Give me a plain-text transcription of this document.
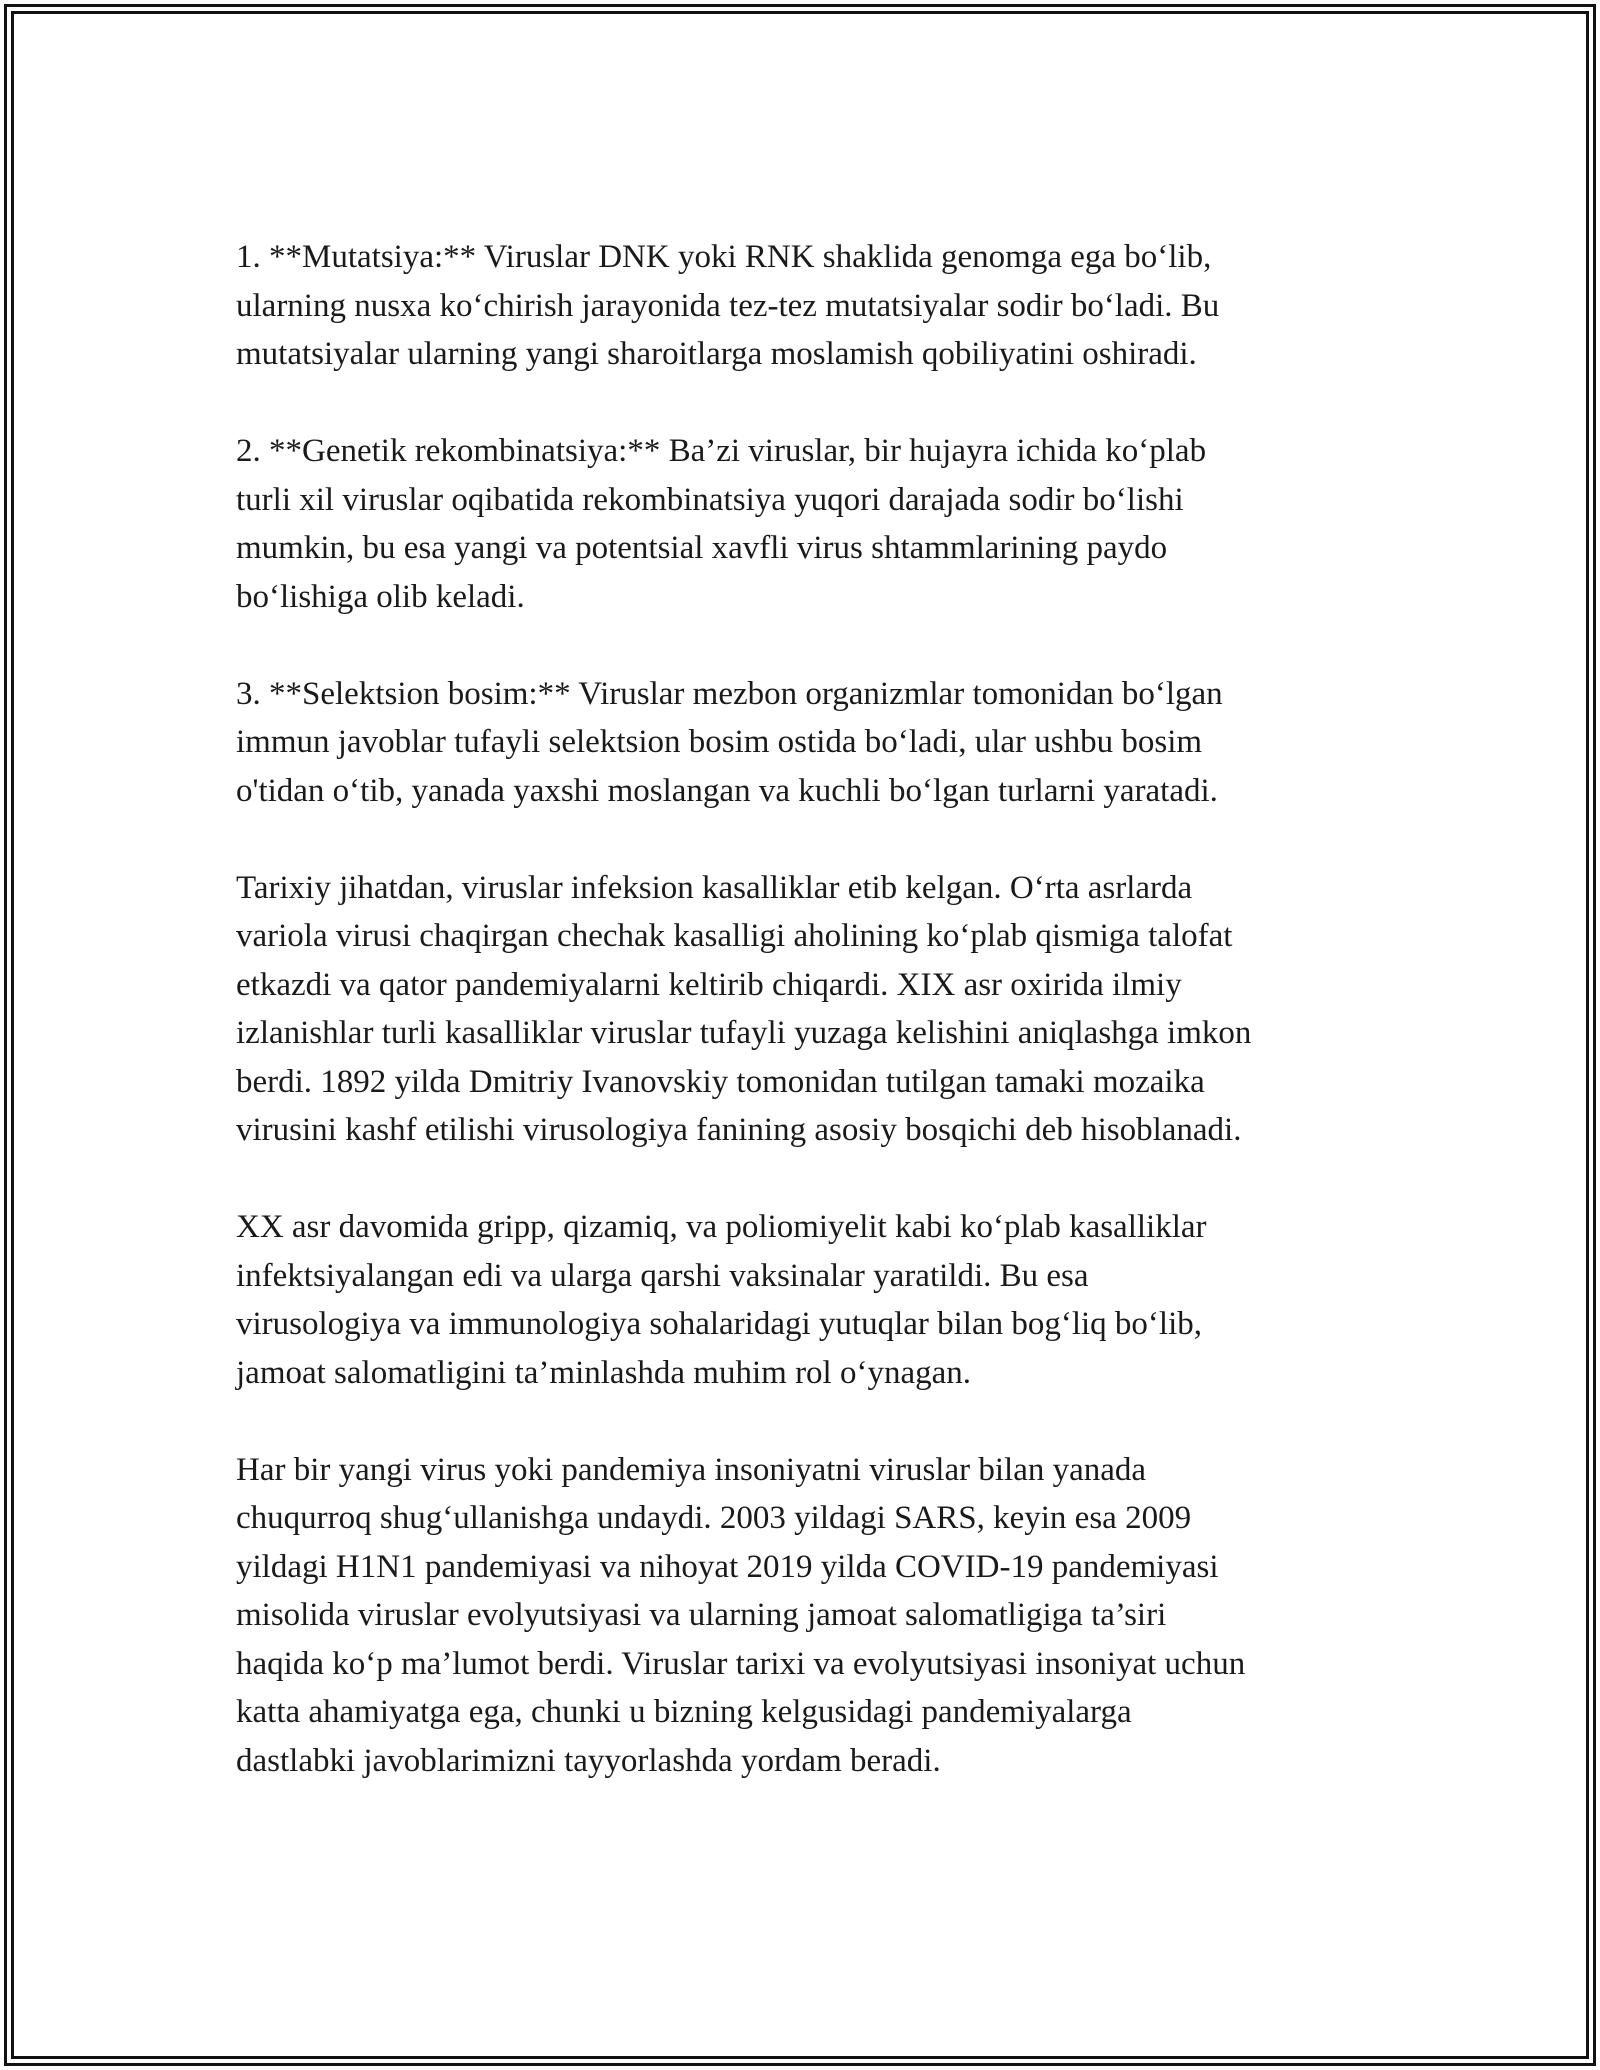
1. **Mutatsiya:** Viruslar DNK yoki RNK shaklida genomga ega bo‘lib,
ularning nusxa ko‘chirish jarayonida tez-tez mutatsiyalar sodir bo‘ladi. Bu
mutatsiyalar ularning yangi sharoitlarga moslamish qobiliyatini oshiradi.

2. **Genetik rekombinatsiya:** Ba’zi viruslar, bir hujayra ichida ko‘plab
turli xil viruslar oqibatida rekombinatsiya yuqori darajada sodir bo‘lishi
mumkin, bu esa yangi va potentsial xavfli virus shtammlarining paydo
bo‘lishiga olib keladi.

3. **Selektsion bosim:** Viruslar mezbon organizmlar tomonidan bo‘lgan
immun javoblar tufayli selektsion bosim ostida bo‘ladi, ular ushbu bosim
o'tidan o‘tib, yanada yaxshi moslangan va kuchli bo‘lgan turlarni yaratadi.

Tarixiy jihatdan, viruslar infeksion kasalliklar etib kelgan. O‘rta asrlarda
variola virusi chaqirgan chechak kasalligi aholining ko‘plab qismiga talofat
etkazdi va qator pandemiyalarni keltirib chiqardi. XIX asr oxirida ilmiy
izlanishlar turli kasalliklar viruslar tufayli yuzaga kelishini aniqlashga imkon
berdi. 1892 yilda Dmitriy Ivanovskiy tomonidan tutilgan tamaki mozaika
virusini kashf etilishi virusologiya fanining asosiy bosqichi deb hisoblanadi.

XX asr davomida gripp, qizamiq, va poliomiyelit kabi ko‘plab kasalliklar
infektsiyalangan edi va ularga qarshi vaksinalar yaratildi. Bu esa
virusologiya va immunologiya sohalaridagi yutuqlar bilan bog‘liq bo‘lib,
jamoat salomatligini ta’minlashda muhim rol o‘ynagan.

Har bir yangi virus yoki pandemiya insoniyatni viruslar bilan yanada
chuqurroq shug‘ullanishga undaydi. 2003 yildagi SARS, keyin esa 2009
yildagi H1N1 pandemiyasi va nihoyat 2019 yilda COVID-19 pandemiyasi
misolida viruslar evolyutsiyasi va ularning jamoat salomatligiga ta’siri
haqida ko‘p ma’lumot berdi. Viruslar tarixi va evolyutsiyasi insoniyat uchun
katta ahamiyatga ega, chunki u bizning kelgusidagi pandemiyalarga
dastlabki javoblarimizni tayyorlashda yordam beradi.
